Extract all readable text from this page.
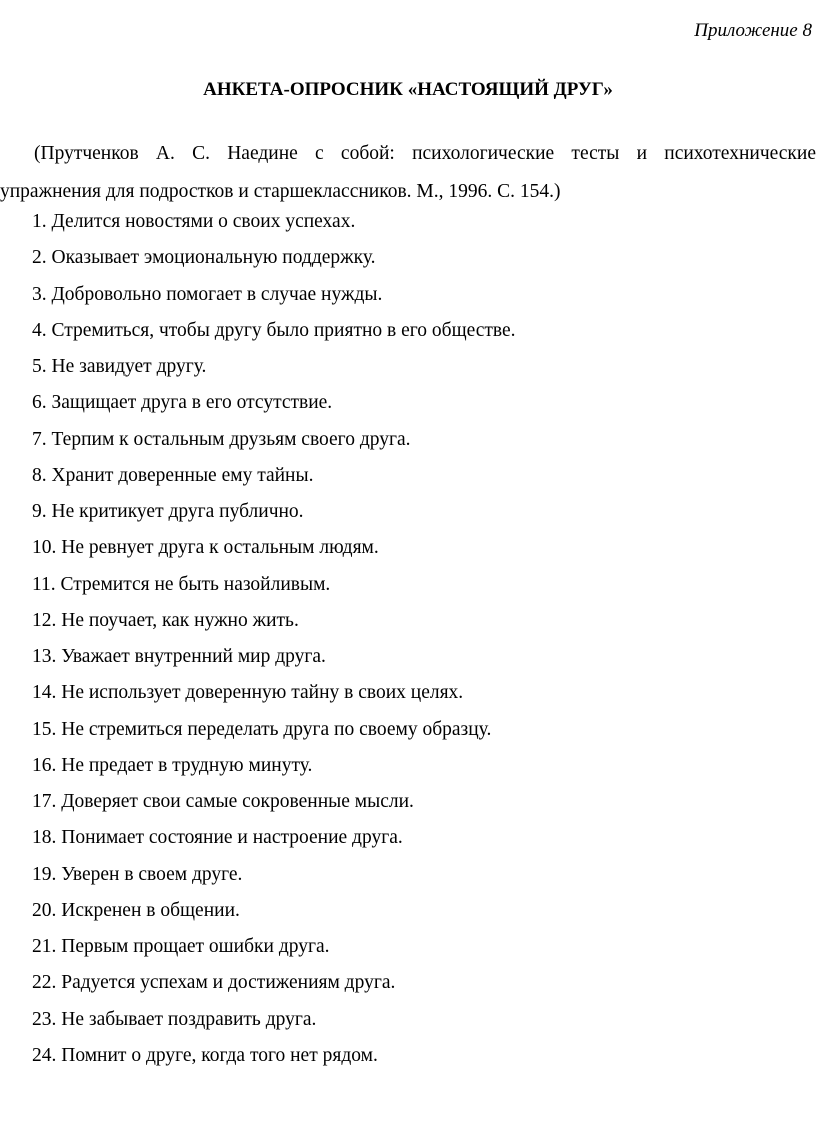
Приложение 8
АНКЕТА-ОПРОСНИК «НАСТОЯЩИЙ ДРУГ»
(Прутченков А. С. Наедине с собой: психологические тесты и психотехнические
упражнения для подростков и старшеклассников. М., 1996. С. 154.)
1. Делится новостями о своих успехах.
2. Оказывает эмоциональную поддержку.
3. Добровольно помогает в случае нужды.
4. Стремиться, чтобы другу было приятно в его обществе.
5. Не завидует другу.
6. Защищает друга в его отсутствие.
7. Терпим к остальным друзьям своего друга.
8. Хранит доверенные ему тайны.
9. Не критикует друга публично.
10. Не ревнует друга к остальным людям.
11. Стремится не быть назойливым.
12. Не поучает, как нужно жить.
13. Уважает внутренний мир друга.
14. Не использует доверенную тайну в своих целях.
15. Не стремиться переделать друга по своему образцу.
16. Не предает в трудную минуту.
17. Доверяет свои самые сокровенные мысли.
18. Понимает состояние и настроение друга.
19. Уверен в своем друге.
20. Искренен в общении.
21. Первым прощает ошибки друга.
22. Радуется успехам и достижениям друга.
23. Не забывает поздравить друга.
24. Помнит о друге, когда того нет рядом.
